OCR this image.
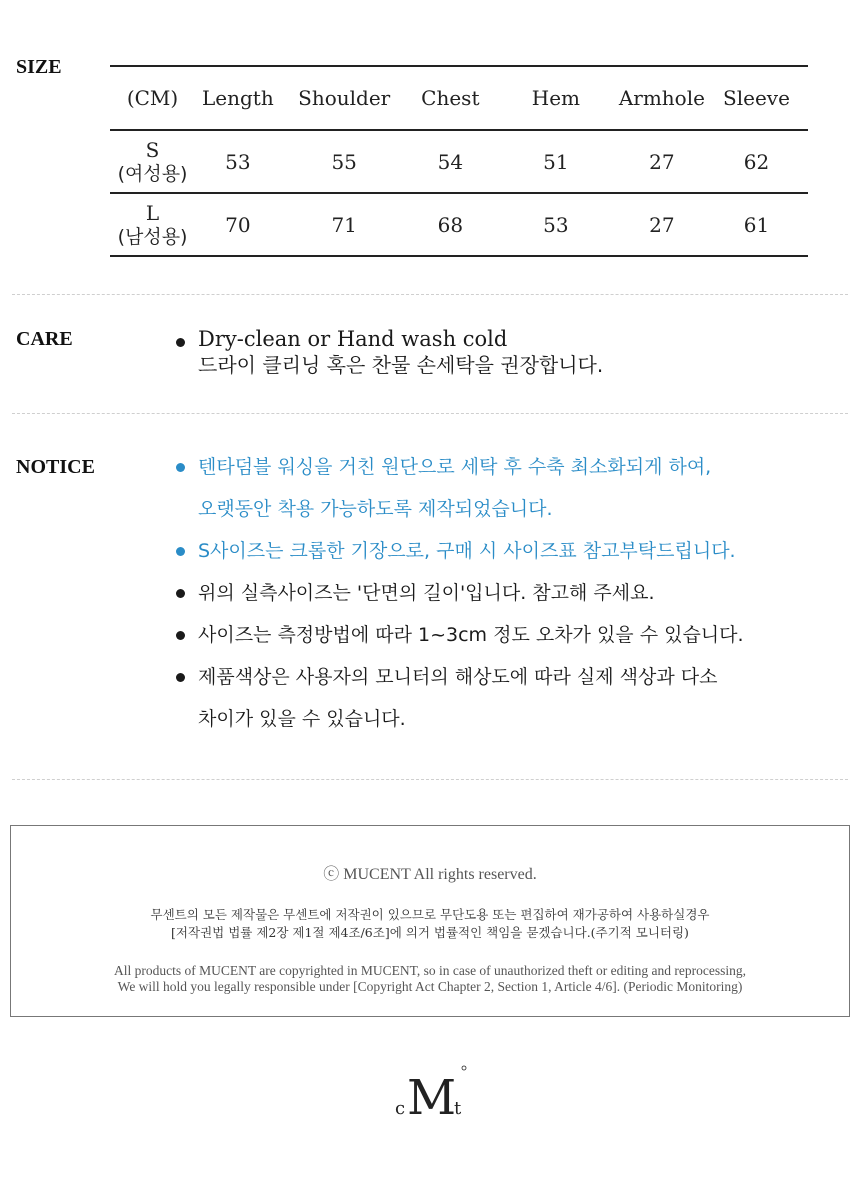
SIZE
(CM)	Length	Shoulder	Chest	Hem	Armhole	Sleeve

S
(여성용)	53	55	54	51	27	62

L
(남성용)	70	71	68	53	27	61
CARE	Dry-clean or Hand wash cold
드라이 클리닝 혹은 찬물 손세탁을 권장합니다.
NOTICE	텐타덤블 워싱을 거친 원단으로 세탁 후 수축 최소화되게 하여,
오랫동안 착용 가능하도록 제작되었습니다.
S사이즈는 크롭한 기장으로, 구매 시 사이즈표 참고부탁드립니다.
위의 실측사이즈는 '단면의 길이'입니다. 참고해 주세요.
사이즈는 측정방법에 따라 1~3cm 정도 오차가 있을 수 있습니다.
제품색상은 사용자의 모니터의 해상도에 따라 실제 색상과 다소
차이가 있을 수 있습니다.
ⓒ MUCENT All rights reserved.
무센트의 모든 제작물은 무센트에 저작권이 있으므로 무단도용 또는 편집하여 재가공하여 사용하실경우
[저작권법 법률 제2장 제1절 제4조/6조]에 의거 법률적인 책임을 묻겠습니다.(주기적 모니터링)
All products of MUCENT are copyrighted in MUCENT, so in case of unauthorized theft or editing and reprocessing,
We will hold you legally responsible under [Copyright Act Chapter 2, Section 1, Article 4/6]. (Periodic Monitoring)
c M
t
